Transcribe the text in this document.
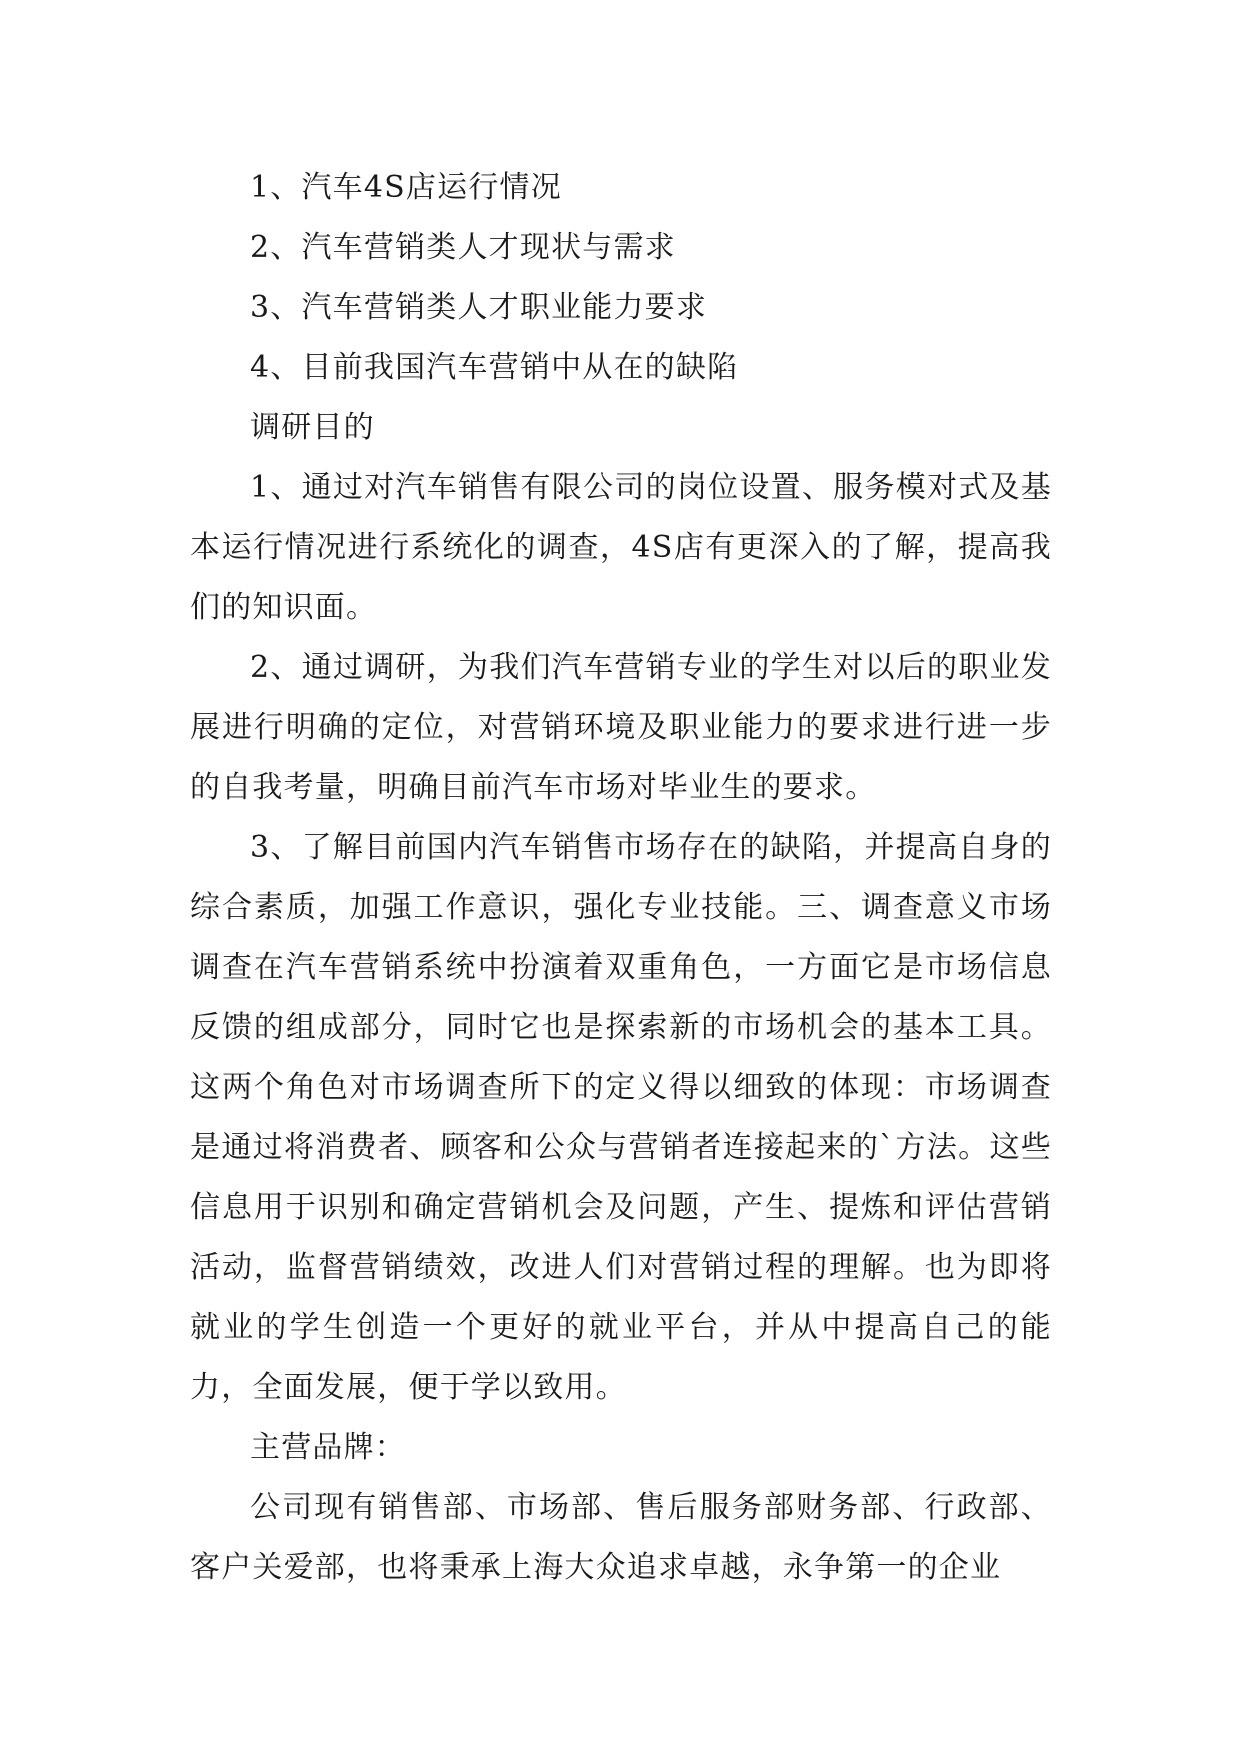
1、汽车4S店运行情况

2、汽车营销类人才现状与需求

3、汽车营销类人才职业能力要求

4、目前我国汽车营销中从在的缺陷

调研目的

1、通过对汽车销售有限公司的岗位设置、服务模对式及基本运行情况进行系统化的调查，4S店有更深入的了解，提高我们的知识面。

2、通过调研，为我们汽车营销专业的学生对以后的职业发展进行明确的定位，对营销环境及职业能力的要求进行进一步的自我考量，明确目前汽车市场对毕业生的要求。

3、了解目前国内汽车销售市场存在的缺陷，并提高自身的综合素质，加强工作意识，强化专业技能。三、调查意义市场调查在汽车营销系统中扮演着双重角色，一方面它是市场信息反馈的组成部分，同时它也是探索新的市场机会的基本工具。这两个角色对市场调查所下的定义得以细致的体现：市场调查是通过将消费者、顾客和公众与营销者连接起来的`方法。这些信息用于识别和确定营销机会及问题，产生、提炼和评估营销活动，监督营销绩效，改进人们对营销过程的理解。也为即将就业的学生创造一个更好的就业平台，并从中提高自己的能力，全面发展，便于学以致用。

主营品牌：

公司现有销售部、市场部、售后服务部财务部、行政部、客户关爱部，也将秉承上海大众追求卓越，永争第一的企业
